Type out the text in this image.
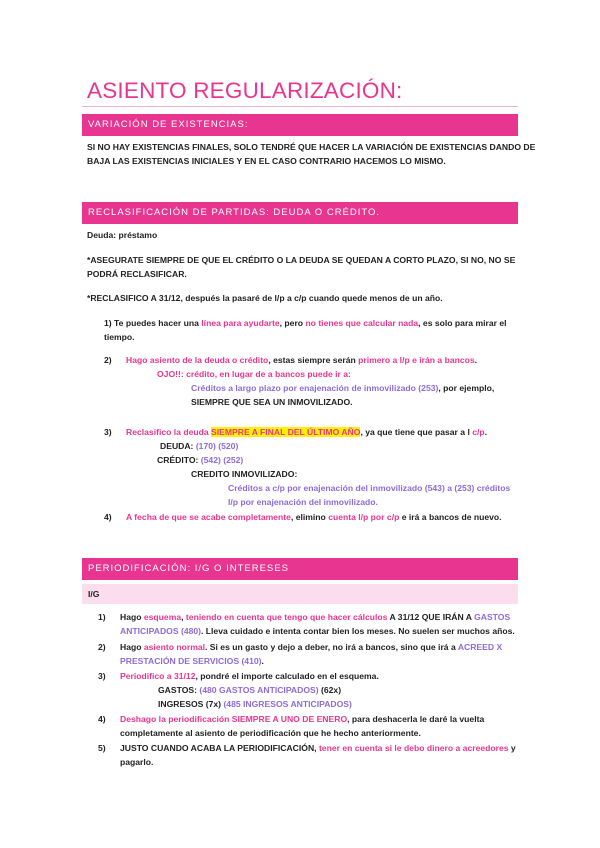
ASIENTO REGULARIZACIÓN:
VARIACIÓN DE EXISTENCIAS:
SI NO HAY EXISTENCIAS FINALES, SOLO TENDRÉ QUE HACER LA VARIACIÓN DE EXISTENCIAS DANDO DE
BAJA LAS EXISTENCIAS INICIALES Y EN EL CASO CONTRARIO HACEMOS LO MISMO.
RECLASIFICACIÓN DE PARTIDAS: DEUDA O CRÉDITO.
Deuda: préstamo
*ASEGURATE SIEMPRE DE QUE EL CRÉDITO O LA DEUDA SE QUEDAN A CORTO PLAZO, SI NO, NO SE
PODRÁ RECLASIFICAR.
*RECLASIFICO A 31/12, después la pasaré de l/p a c/p cuando quede menos de un año.
1) Te puedes hacer una línea para ayudarte, pero no tienes que calcular nada, es solo para mirar el
tiempo.
2) Hago asiento de la deuda o crédito, estas siempre serán primero a l/p e irán a bancos.
OJO!!: crédito, en lugar de a bancos puede ir a:
Créditos a largo plazo por enajenación de inmovilizado (253), por ejemplo,
SIEMPRE QUE SEA UN INMOVILIZADO.
3) Reclasifico la deuda SIEMPRE A FINAL DEL ÚLTIMO AÑO, ya que tiene que pasar a l c/p.
DEUDA: (170) (520)
CRÉDITO: (542) (252)
CREDITO INMOVILIZADO:
Créditos a c/p por enajenación del inmovilizado (543) a (253) créditos
l/p por enajenación del inmovilizado.
4) A fecha de que se acabe completamente, elimino cuenta l/p por c/p e irá a bancos de nuevo.
PERIODIFICACIÓN: I/G O INTERESES
I/G
1) Hago esquema, teniendo en cuenta que tengo que hacer cálculos A 31/12 QUE IRÁN A GASTOS
ANTICIPADOS (480). Lleva cuidado e intenta contar bien los meses. No suelen ser muchos años.
2) Hago asiento normal. Si es un gasto y dejo a deber, no irá a bancos, sino que irá a ACREED X
PRESTACIÓN DE SERVICIOS (410).
3) Periodifico a 31/12, pondré el importe calculado en el esquema.
GASTOS: (480 GASTOS ANTICIPADOS) (62x)
INGRESOS (7x) (485 INGRESOS ANTICIPADOS)
4) Deshago la periodificación SIEMPRE A UNO DE ENERO, para deshacerla le daré la vuelta
completamente al asiento de periodificación que he hecho anteriormente.
5) JUSTO CUANDO ACABA LA PERIODIFICACIÓN, tener en cuenta si le debo dinero a acreedores y
pagarlo.
